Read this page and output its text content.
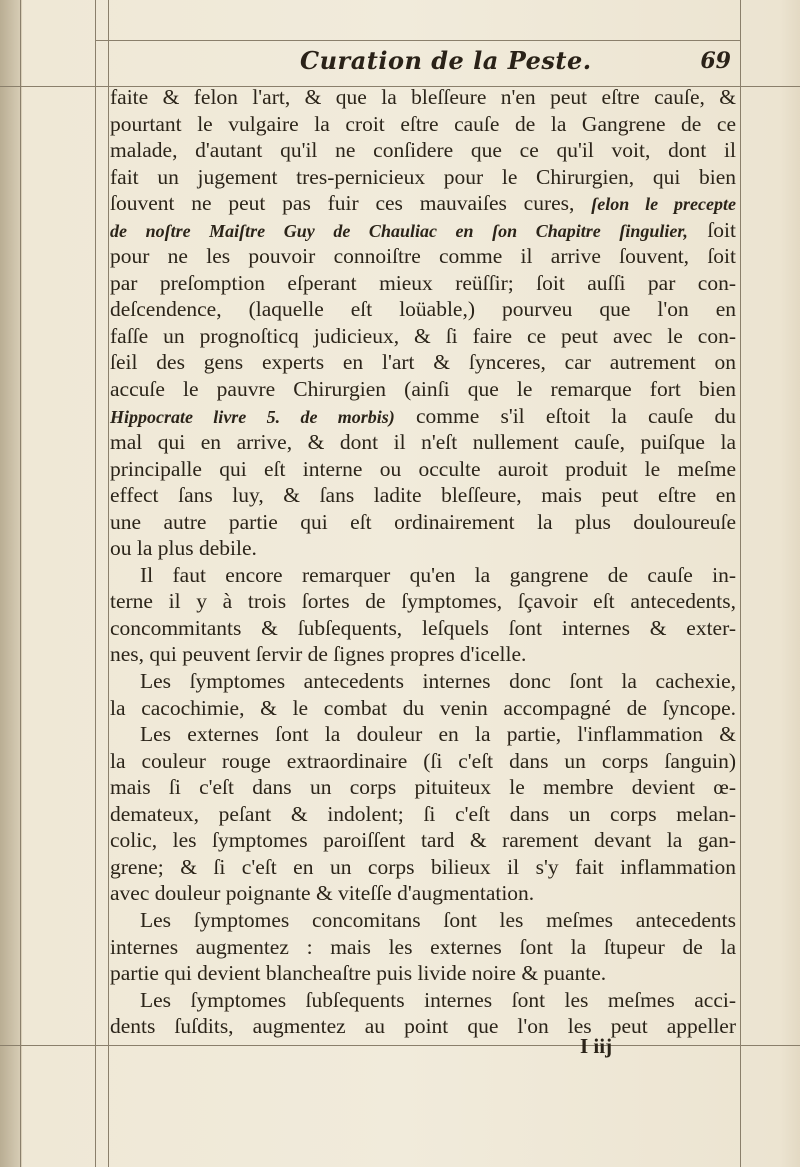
Curation de la Peste.	69
faite & felon l'art, & que la bleſſeure n'en peut eſtre cauſe, &
pourtant le vulgaire la croit eſtre cauſe de la Gangrene de ce
malade, d'autant qu'il ne conſidere que ce qu'il voit, dont il
fait un jugement tres-pernicieux pour le Chirurgien, qui bien
ſouvent ne peut pas fuir ces mauvaiſes cures, ſelon le precepte
de noſtre Maiſtre Guy de Chauliac en ſon Chapitre ſingulier, ſoit
pour ne les pouvoir connoiſtre comme il arrive ſouvent, ſoit
par preſomption eſperant mieux reüſſir; ſoit auſſi par con-
deſcendence, (laquelle eſt loüable,) pourveu que l'on en
faſſe un prognoſticq judicieux, & ſi faire ce peut avec le con-
ſeil des gens experts en l'art & ſynceres, car autrement on
accuſe le pauvre Chirurgien (ainſi que le remarque fort bien
Hippocrate livre 5. de morbis) comme s'il eſtoit la cauſe du
mal qui en arrive, & dont il n'eſt nullement cauſe, puiſque la
principalle qui eſt interne ou occulte auroit produit le meſme
effect ſans luy, & ſans ladite bleſſeure, mais peut eſtre en
une autre partie qui eſt ordinairement la plus douloureuſe
ou la plus debile.
Il faut encore remarquer qu'en la gangrene de cauſe in-
terne il y à trois ſortes de ſymptomes, ſçavoir eſt antecedents,
concommitants & ſubſequents, leſquels ſont internes & exter-
nes, qui peuvent ſervir de ſignes propres d'icelle.
Les ſymptomes antecedents internes donc ſont la cachexie,
la cacochimie, & le combat du venin accompagné de ſyncope.
Les externes ſont la douleur en la partie, l'inflammation &
la couleur rouge extraordinaire (ſi c'eſt dans un corps ſanguin)
mais ſi c'eſt dans un corps pituiteux le membre devient œ-
demateux, peſant & indolent; ſi c'eſt dans un corps melan-
colic, les ſymptomes paroiſſent tard & rarement devant la gan-
grene; & ſi c'eſt en un corps bilieux il s'y fait inflammation
avec douleur poignante & viteſſe d'augmentation.
Les ſymptomes concomitans ſont les meſmes antecedents
internes augmentez : mais les externes ſont la ſtupeur de la
partie qui devient blancheaſtre puis livide noire & puante.
Les ſymptomes ſubſequents internes ſont les meſmes acci-
dents ſuſdits, augmentez au point que l'on les peut appeller
I iij
